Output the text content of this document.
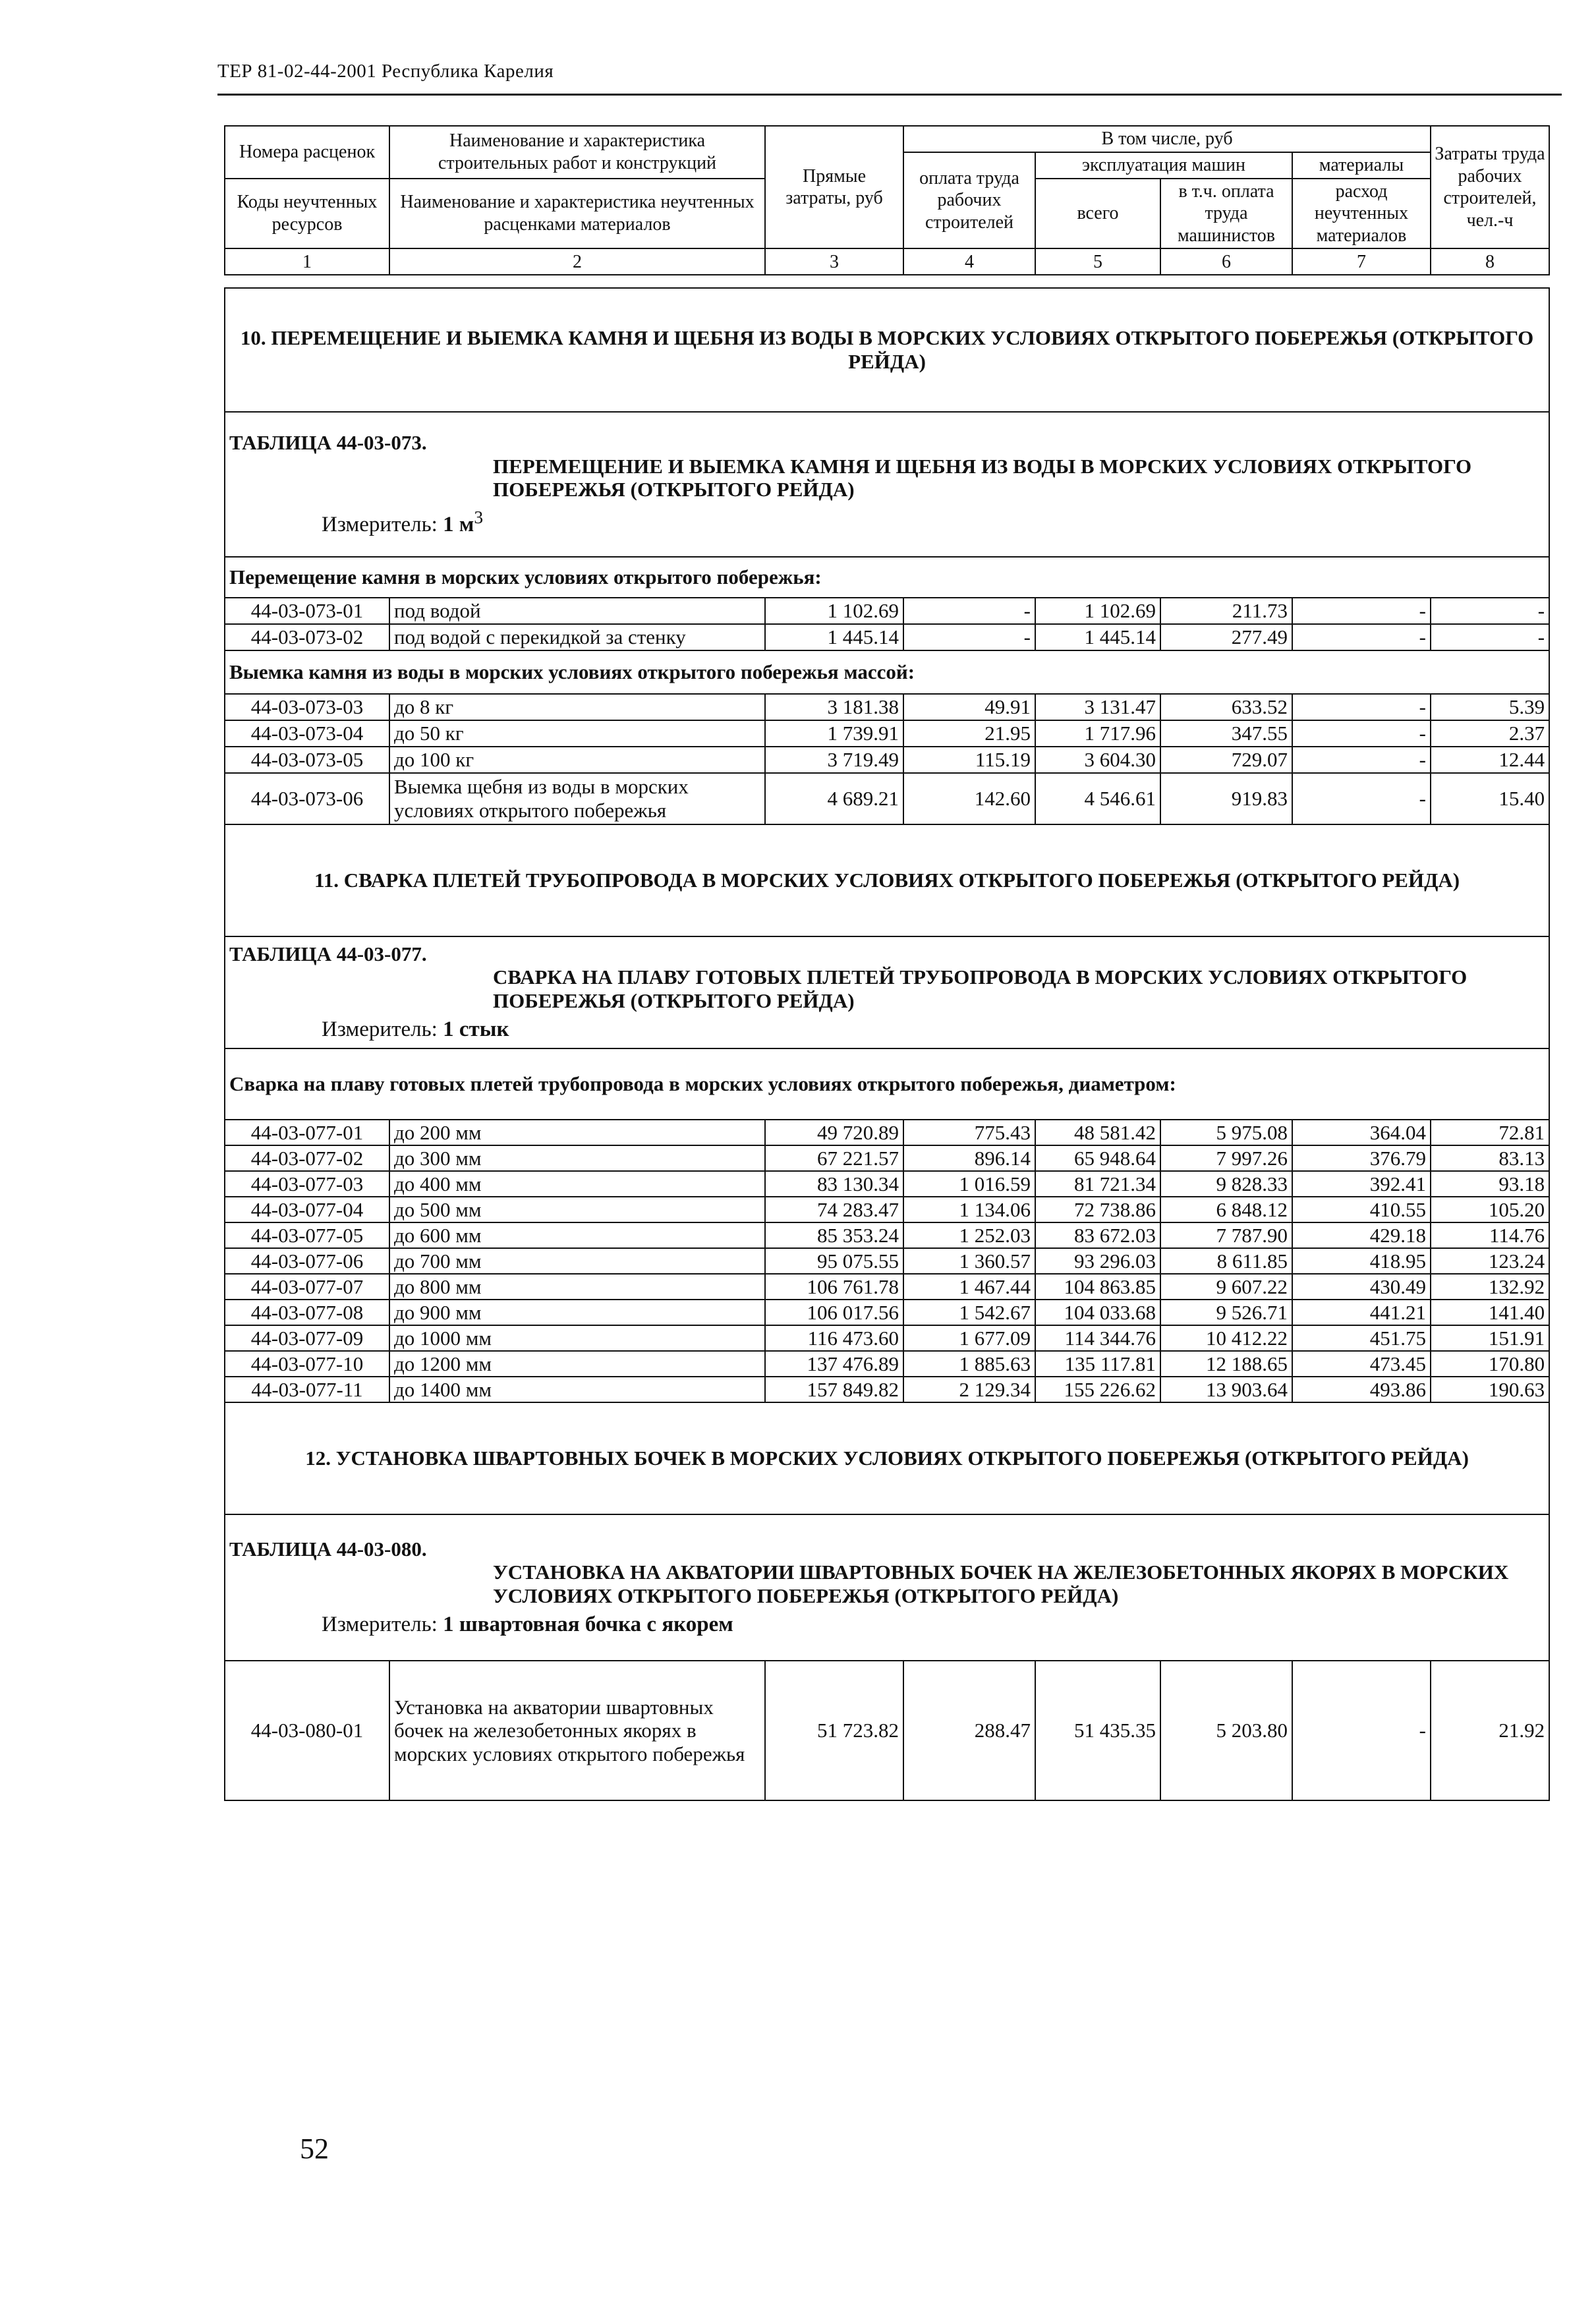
ТЕР 81-02-44-2001 Республика Карелия
Номера расценок	Наименование и характеристика строительных работ и конструкций	Прямые затраты, руб	В том числе, руб				Затраты труда рабочих строителей, чел.-ч
			оплата труда рабочих строителей	эксплуатация машин		материалы	
Коды неучтенных ресурсов	Наименование и характеристика неучтенных расценками материалов			всего	в т.ч. оплата труда машинистов	расход неучтенных материалов	

1	2	3	4	5	6	7	8
10. ПЕРЕМЕЩЕНИЕ И ВЫЕМКА КАМНЯ И ЩЕБНЯ ИЗ ВОДЫ В МОРСКИХ УСЛОВИЯХ ОТКРЫТОГО ПОБЕРЕЖЬЯ (ОТКРЫТОГО РЕЙДА)							

ТАБЛИЦА 44-03-073.
ПЕРЕМЕЩЕНИЕ И ВЫЕМКА КАМНЯ И ЩЕБНЯ ИЗ ВОДЫ В МОРСКИХ УСЛОВИЯХ ОТКРЫТОГО ПОБЕРЕЖЬЯ (ОТКРЫТОГО РЕЙДА)
Измеритель: 1 $м^3$

Перемещение камня в морских условиях открытого побережья:							
44-03-073-01	под водой	1 102.69	-	1 102.69	211.73	-	-
44-03-073-02	под водой с перекидкой за стенку	1 445.14	-	1 445.14	277.49	-	-
Выемка камня из воды в морских условиях открытого побережья массой:							
44-03-073-03	до 8 кг	3 181.38	49.91	3 131.47	633.52	-	5.39
44-03-073-04	до 50 кг	1 739.91	21.95	1 717.96	347.55	-	2.37
44-03-073-05	до 100 кг	3 719.49	115.19	3 604.30	729.07	-	12.44
44-03-073-06	Выемка щебня из воды в морских условиях открытого побережья	4 689.21	142.60	4 546.61	919.83	-	15.40
11. СВАРКА ПЛЕТЕЙ ТРУБОПРОВОДА В МОРСКИХ УСЛОВИЯХ ОТКРЫТОГО ПОБЕРЕЖЬЯ (ОТКРЫТОГО РЕЙДА)							

ТАБЛИЦА 44-03-077.
СВАРКА НА ПЛАВУ ГОТОВЫХ ПЛЕТЕЙ ТРУБОПРОВОДА В МОРСКИХ УСЛОВИЯХ ОТКРЫТОГО ПОБЕРЕЖЬЯ (ОТКРЫТОГО РЕЙДА)
Измеритель: 1 стык							

Сварка на плаву готовых плетей трубопровода в морских условиях открытого побережья, диаметром:							
44-03-077-01	до 200 мм	49 720.89	775.43	48 581.42	5 975.08	364.04	72.81
44-03-077-02	до 300 мм	67 221.57	896.14	65 948.64	7 997.26	376.79	83.13
44-03-077-03	до 400 мм	83 130.34	1 016.59	81 721.34	9 828.33	392.41	93.18
44-03-077-04	до 500 мм	74 283.47	1 134.06	72 738.86	6 848.12	410.55	105.20
44-03-077-05	до 600 мм	85 353.24	1 252.03	83 672.03	7 787.90	429.18	114.76
44-03-077-06	до 700 мм	95 075.55	1 360.57	93 296.03	8 611.85	418.95	123.24
44-03-077-07	до 800 мм	106 761.78	1 467.44	104 863.85	9 607.22	430.49	132.92
44-03-077-08	до 900 мм	106 017.56	1 542.67	104 033.68	9 526.71	441.21	141.40
44-03-077-09	до 1000 мм	116 473.60	1 677.09	114 344.76	10 412.22	451.75	151.91
44-03-077-10	до 1200 мм	137 476.89	1 885.63	135 117.81	12 188.65	473.45	170.80
44-03-077-11	до 1400 мм	157 849.82	2 129.34	155 226.62	13 903.64	493.86	190.63
12. УСТАНОВКА ШВАРТОВНЫХ БОЧЕК В МОРСКИХ УСЛОВИЯХ ОТКРЫТОГО ПОБЕРЕЖЬЯ (ОТКРЫТОГО РЕЙДА)							

ТАБЛИЦА 44-03-080.
УСТАНОВКА НА АКВАТОРИИ ШВАРТОВНЫХ БОЧЕК НА ЖЕЛЕЗОБЕТОННЫХ ЯКОРЯХ В МОРСКИХ УСЛОВИЯХ ОТКРЫТОГО ПОБЕРЕЖЬЯ (ОТКРЫТОГО РЕЙДА)
Измеритель: 1 швартовная бочка с якорем							

44-03-080-01	Установка на акватории швартовных бочек на железобетонных якорях в морских условиях открытого побережья	51 723.82	288.47	51 435.35	5 203.80	-	21.92
52
